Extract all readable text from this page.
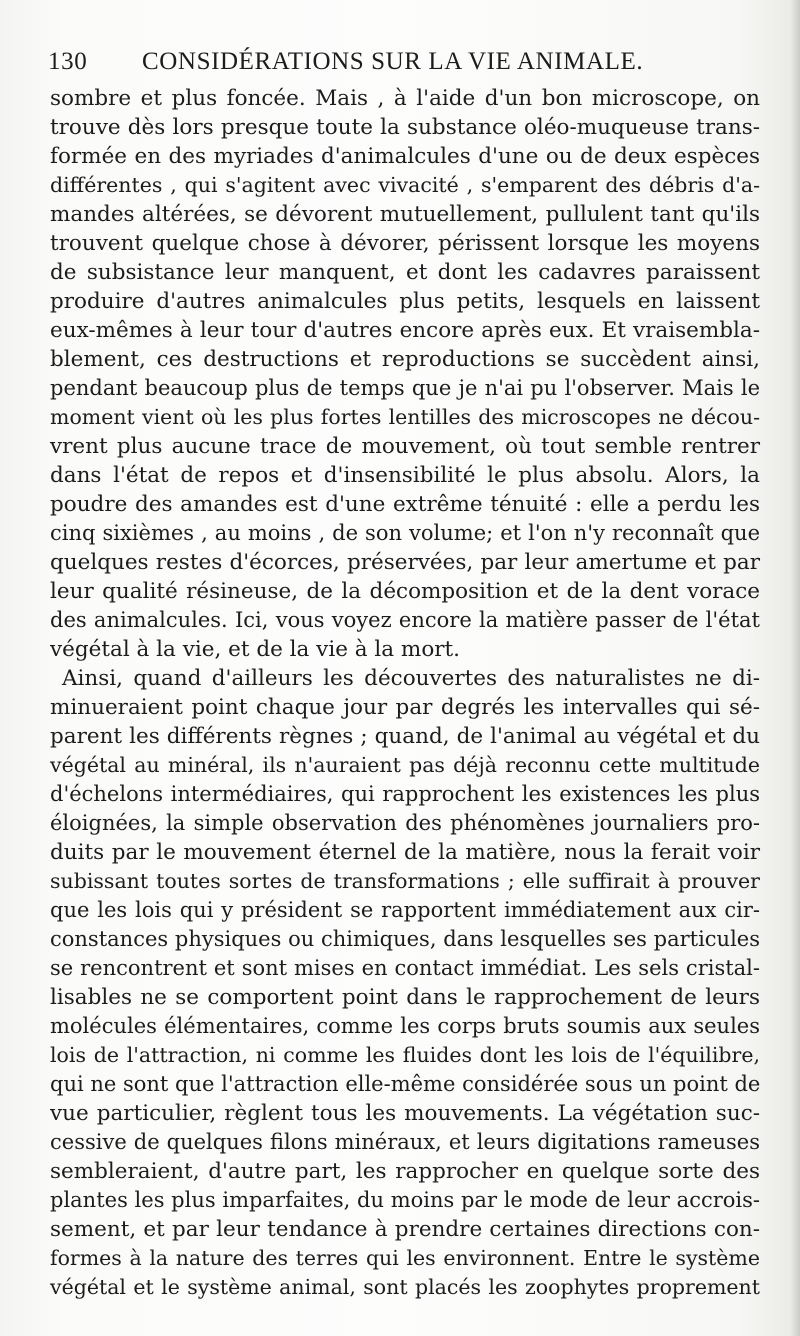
130 CONSIDÉRATIONS SUR LA VIE ANIMALE.
sombre et plus foncée. Mais , à l'aide d'un bon microscope, on
trouve dès lors presque toute la substance oléo-muqueuse trans-
formée en des myriades d'animalcules d'une ou de deux espèces
différentes , qui s'agitent avec vivacité , s'emparent des débris d'a-
mandes altérées, se dévorent mutuellement, pullulent tant qu'ils
trouvent quelque chose à dévorer, périssent lorsque les moyens
de subsistance leur manquent, et dont les cadavres paraissent
produire d'autres animalcules plus petits, lesquels en laissent
eux-mêmes à leur tour d'autres encore après eux. Et vraisembla-
blement, ces destructions et reproductions se succèdent ainsi,
pendant beaucoup plus de temps que je n'ai pu l'observer. Mais le
moment vient où les plus fortes lentilles des microscopes ne décou-
vrent plus aucune trace de mouvement, où tout semble rentrer
dans l'état de repos et d'insensibilité le plus absolu. Alors, la
poudre des amandes est d'une extrême ténuité : elle a perdu les
cinq sixièmes , au moins , de son volume; et l'on n'y reconnaît que
quelques restes d'écorces, préservées, par leur amertume et par
leur qualité résineuse, de la décomposition et de la dent vorace
des animalcules. Ici, vous voyez encore la matière passer de l'état
végétal à la vie, et de la vie à la mort.
Ainsi, quand d'ailleurs les découvertes des naturalistes ne di-
minueraient point chaque jour par degrés les intervalles qui sé-
parent les différents règnes ; quand, de l'animal au végétal et du
végétal au minéral, ils n'auraient pas déjà reconnu cette multitude
d'échelons intermédiaires, qui rapprochent les existences les plus
éloignées, la simple observation des phénomènes journaliers pro-
duits par le mouvement éternel de la matière, nous la ferait voir
subissant toutes sortes de transformations ; elle suffirait à prouver
que les lois qui y président se rapportent immédiatement aux cir-
constances physiques ou chimiques, dans lesquelles ses particules
se rencontrent et sont mises en contact immédiat. Les sels cristal-
lisables ne se comportent point dans le rapprochement de leurs
molécules élémentaires, comme les corps bruts soumis aux seules
lois de l'attraction, ni comme les fluides dont les lois de l'équilibre,
qui ne sont que l'attraction elle-même considérée sous un point de
vue particulier, règlent tous les mouvements. La végétation suc-
cessive de quelques filons minéraux, et leurs digitations rameuses
sembleraient, d'autre part, les rapprocher en quelque sorte des
plantes les plus imparfaites, du moins par le mode de leur accrois-
sement, et par leur tendance à prendre certaines directions con-
formes à la nature des terres qui les environnent. Entre le système
végétal et le système animal, sont placés les zoophytes proprement
